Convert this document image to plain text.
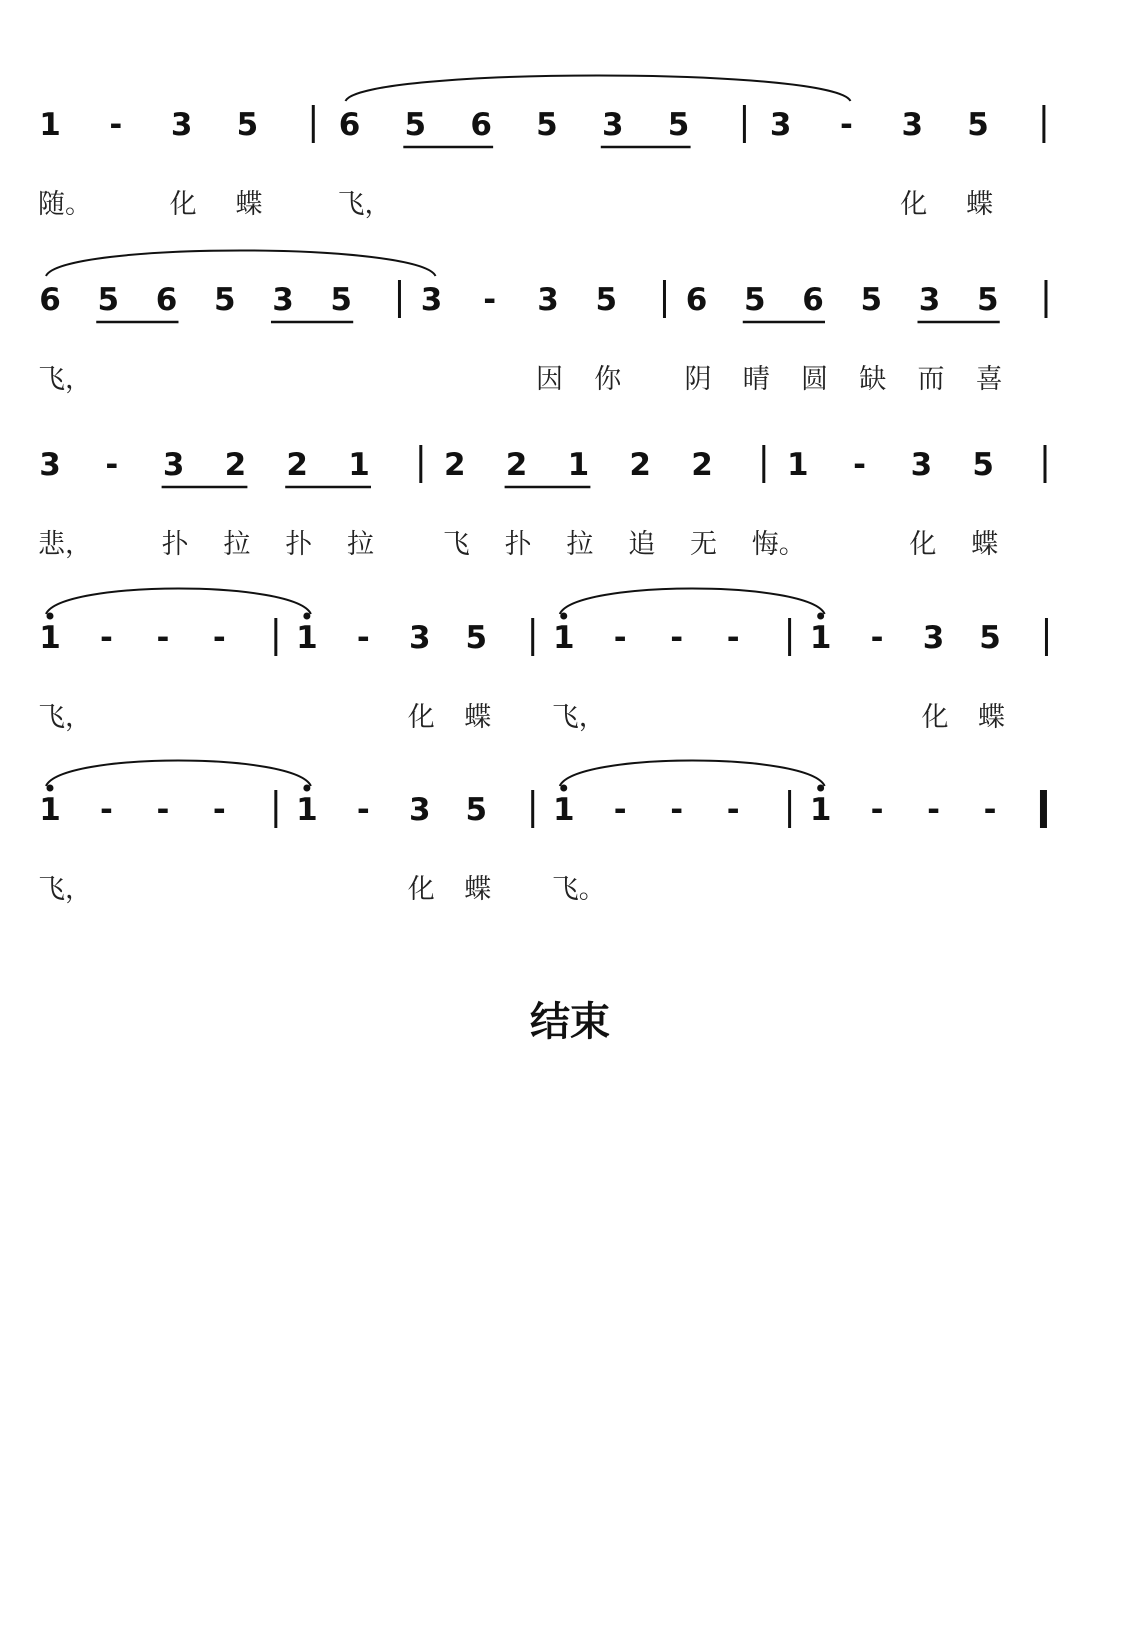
1 - 3 5	6 5 6 5 3 5	3 - 3 5
随。	化 蝶	飞，	化 蝶
6 5 6 5 3 5 3 - 3 5 6 5 6 5 3 5
飞，	因 你 阴 晴 圆 缺 而 喜
3 - 3 2 2 1 2 2 1 2 2 1 - 3 5
悲，	扑 拉 扑 拉	飞 扑 拉 追 无 悔。	化 蝶
1 - - - 1 - 3 5 1 - - - 1 - 3 5
飞，	化 蝶 飞，	化 蝶
1 - - - 1 - 3 5 1 - - - 1 - - -
飞，	化 蝶 飞。
结束
